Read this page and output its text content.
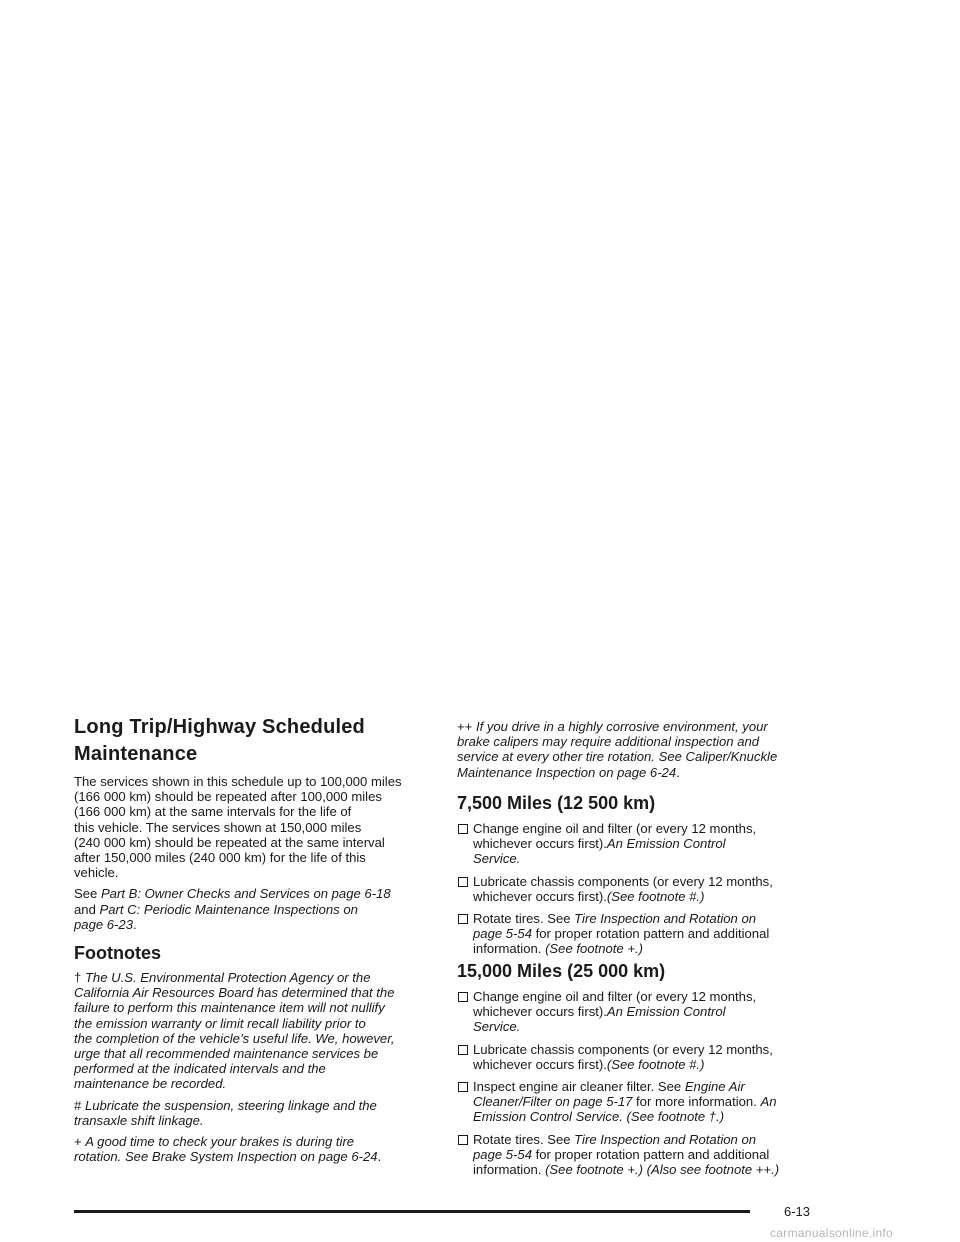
Long Trip/Highway Scheduled
Maintenance

The services shown in this schedule up to 100,000 miles
(166 000 km) should be repeated after 100,000 miles
(166 000 km) at the same intervals for the life of
this vehicle. The services shown at 150,000 miles
(240 000 km) should be repeated at the same interval
after 150,000 miles (240 000 km) for the life of this
vehicle.

See Part B: Owner Checks and Services on page 6-18
and Part C: Periodic Maintenance Inspections on
page 6-23.

Footnotes

† The U.S. Environmental Protection Agency or the
California Air Resources Board has determined that the
failure to perform this maintenance item will not nullify
the emission warranty or limit recall liability prior to
the completion of the vehicle’s useful life. We, however,
urge that all recommended maintenance services be
performed at the indicated intervals and the
maintenance be recorded.

# Lubricate the suspension, steering linkage and the
transaxle shift linkage.

+ A good time to check your brakes is during tire
rotation. See Brake System Inspection on page 6-24.

++ If you drive in a highly corrosive environment, your
brake calipers may require additional inspection and
service at every other tire rotation. See Caliper/Knuckle
Maintenance Inspection on page 6-24.

7,500 Miles (12 500 km)

Change engine oil and filter (or every 12 months,
whichever occurs first).An Emission Control
Service.

Lubricate chassis components (or every 12 months,
whichever occurs first).(See footnote #.)

Rotate tires. See Tire Inspection and Rotation on
page 5-54 for proper rotation pattern and additional
information. (See footnote +.)

15,000 Miles (25 000 km)

Change engine oil and filter (or every 12 months,
whichever occurs first).An Emission Control
Service.

Lubricate chassis components (or every 12 months,
whichever occurs first).(See footnote #.)

Inspect engine air cleaner filter. See Engine Air
Cleaner/Filter on page 5-17 for more information. An
Emission Control Service. (See footnote †.)

Rotate tires. See Tire Inspection and Rotation on
page 5-54 for proper rotation pattern and additional
information. (See footnote +.) (Also see footnote ++.)

6-13
carmanualsonline.info
